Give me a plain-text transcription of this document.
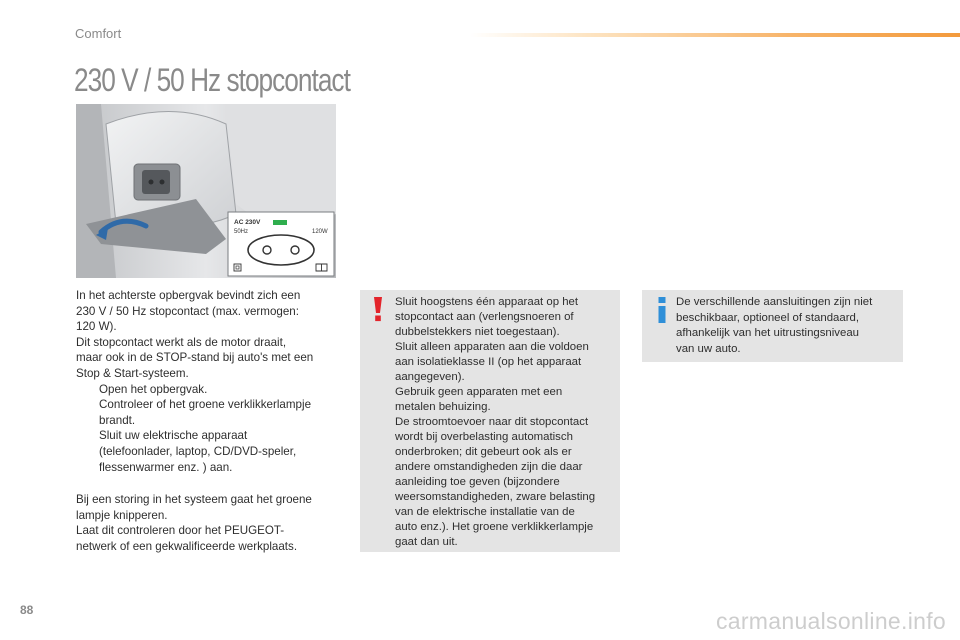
Comfort
230 V / 50 Hz stopcontact
AC 230V
50Hz	120W

In het achterste opbergvak bevindt zich een

230 V / 50 Hz stopcontact (max. vermogen:

120 W).

Dit stopcontact werkt als de motor draait,

maar ook in de STOP-stand bij auto's met een

Stop & Start-systeem.

Open het opbergvak.

Controleer of het groene verklikkerlampje

brandt.

Sluit uw elektrische apparaat

(telefoonlader, laptop, CD/DVD-speler,

flessenwarmer enz. ) aan.

Bij een storing in het systeem gaat het groene

lampje knipperen.

Laat dit controleren door het PEUGEOT-

netwerk of een gekwalificeerde werkplaats.

Sluit hoogstens één apparaat op het

stopcontact aan (verlengsnoeren of

dubbelstekkers niet toegestaan).

Sluit alleen apparaten aan die voldoen

aan isolatieklasse II (op het apparaat

aangegeven).

Gebruik geen apparaten met een

metalen behuizing.

De stroomtoevoer naar dit stopcontact

wordt bij overbelasting automatisch

onderbroken; dit gebeurt ook als er

andere omstandigheden zijn die daar

aanleiding toe geven (bijzondere

weersomstandigheden, zware belasting

van de elektrische installatie van de

auto enz.). Het groene verklikkerlampje

gaat dan uit.

De verschillende aansluitingen zijn niet

beschikbaar, optioneel of standaard,

afhankelijk van het uitrustingsniveau

van uw auto.

88	carmanualsonline.info
